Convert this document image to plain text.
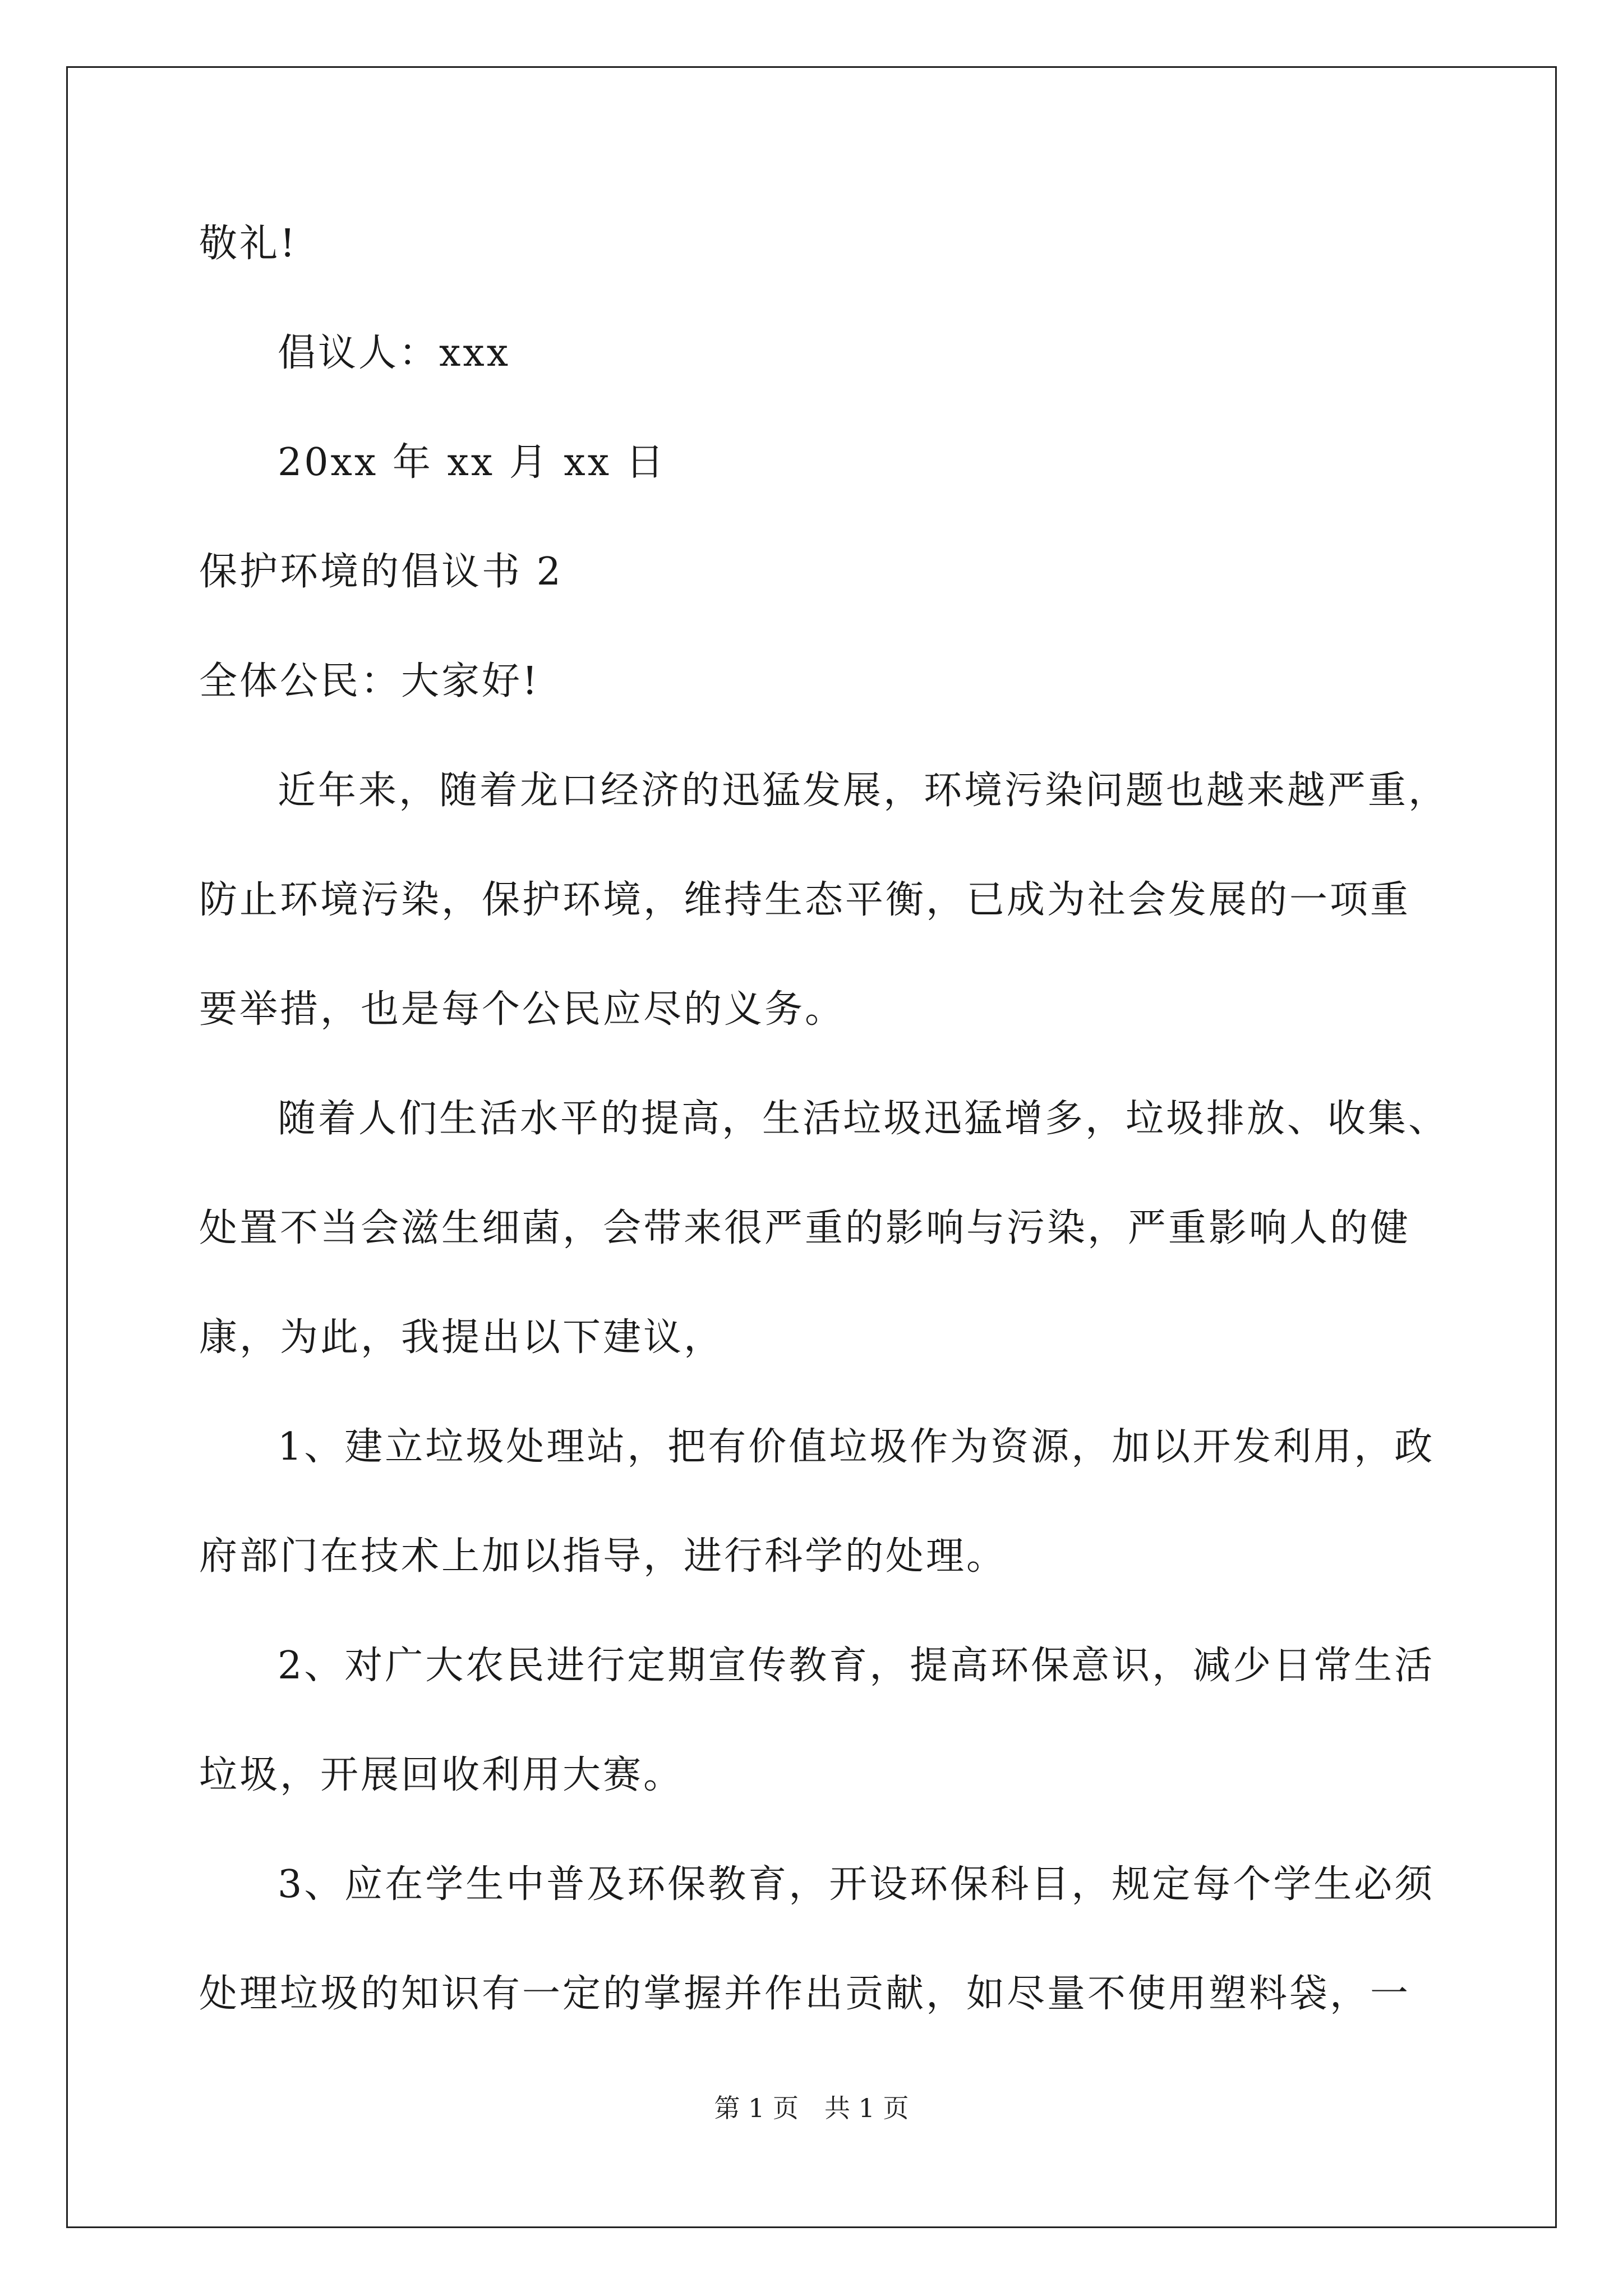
敬礼!
倡议人：xxx
20xx 年 xx 月 xx 日
保护环境的倡议书 2
全体公民：大家好!
近年来，随着龙口经济的迅猛发展，环境污染问题也越来越严重，
防止环境污染，保护环境，维持生态平衡，已成为社会发展的一项重
要举措，也是每个公民应尽的义务。
随着人们生活水平的提高，生活垃圾迅猛增多，垃圾排放、收集、
处置不当会滋生细菌，会带来很严重的影响与污染，严重影响人的健
康，为此，我提出以下建议，
1、建立垃圾处理站，把有价值垃圾作为资源，加以开发利用，政
府部门在技术上加以指导，进行科学的处理。
2、对广大农民进行定期宣传教育，提高环保意识，减少日常生活
垃圾，开展回收利用大赛。
3、应在学生中普及环保教育，开设环保科目，规定每个学生必须
处理垃圾的知识有一定的掌握并作出贡献，如尽量不使用塑料袋，一
第 1 页　共 1 页
